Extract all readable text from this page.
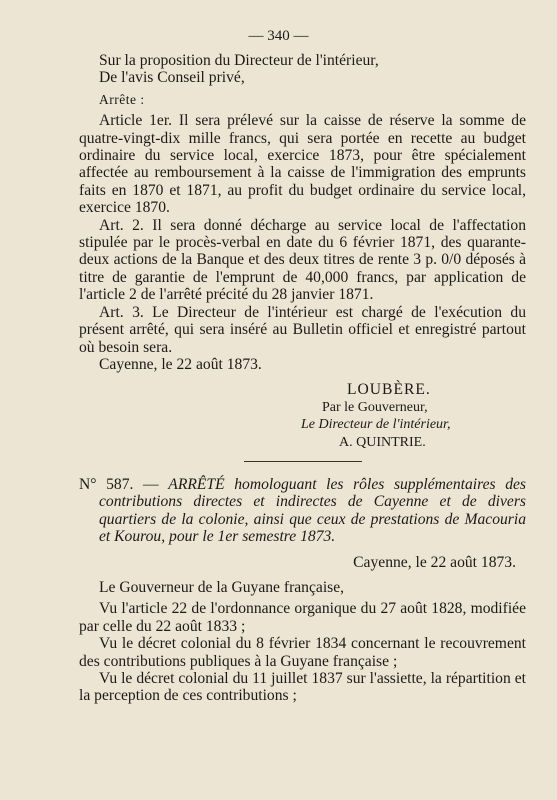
— 340 —

Sur la proposition du Directeur de l'intérieur,

De l'avis Conseil privé,

Arrête :

Article 1er. Il sera prélevé sur la caisse de réserve la somme de quatre-vingt-dix mille francs, qui sera portée en recette au budget ordinaire du service local, exercice 1873, pour être spécialement affectée au remboursement à la caisse de l'immigration des emprunts faits en 1870 et 1871, au profit du budget ordinaire du service local, exercice 1870.

Art. 2. Il sera donné décharge au service local de l'affectation stipulée par le procès-verbal en date du 6 février 1871, des quarante-deux actions de la Banque et des deux titres de rente 3 p. 0/0 déposés à titre de garantie de l'emprunt de 40,000 francs, par application de l'article 2 de l'arrêté précité du 28 janvier 1871.

Art. 3. Le Directeur de l'intérieur est chargé de l'exécution du présent arrêté, qui sera inséré au Bulletin officiel et enregistré partout où besoin sera.

Cayenne, le 22 août 1873.

LOUBÈRE.

Par le Gouverneur,

Le Directeur de l'intérieur,

A. QUINTRIE.

N° 587. — ARRÊTÉ homologuant les rôles supplémentaires des contributions directes et indirectes de Cayenne et de divers quartiers de la colonie, ainsi que ceux de prestations de Macouria et Kourou, pour le 1er semestre 1873.

Cayenne, le 22 août 1873.

Le Gouverneur de la Guyane française,

Vu l'article 22 de l'ordonnance organique du 27 août 1828, modifiée par celle du 22 août 1833 ;

Vu le décret colonial du 8 février 1834 concernant le recouvrement des contributions publiques à la Guyane française ;

Vu le décret colonial du 11 juillet 1837 sur l'assiette, la répartition et la perception de ces contributions ;
